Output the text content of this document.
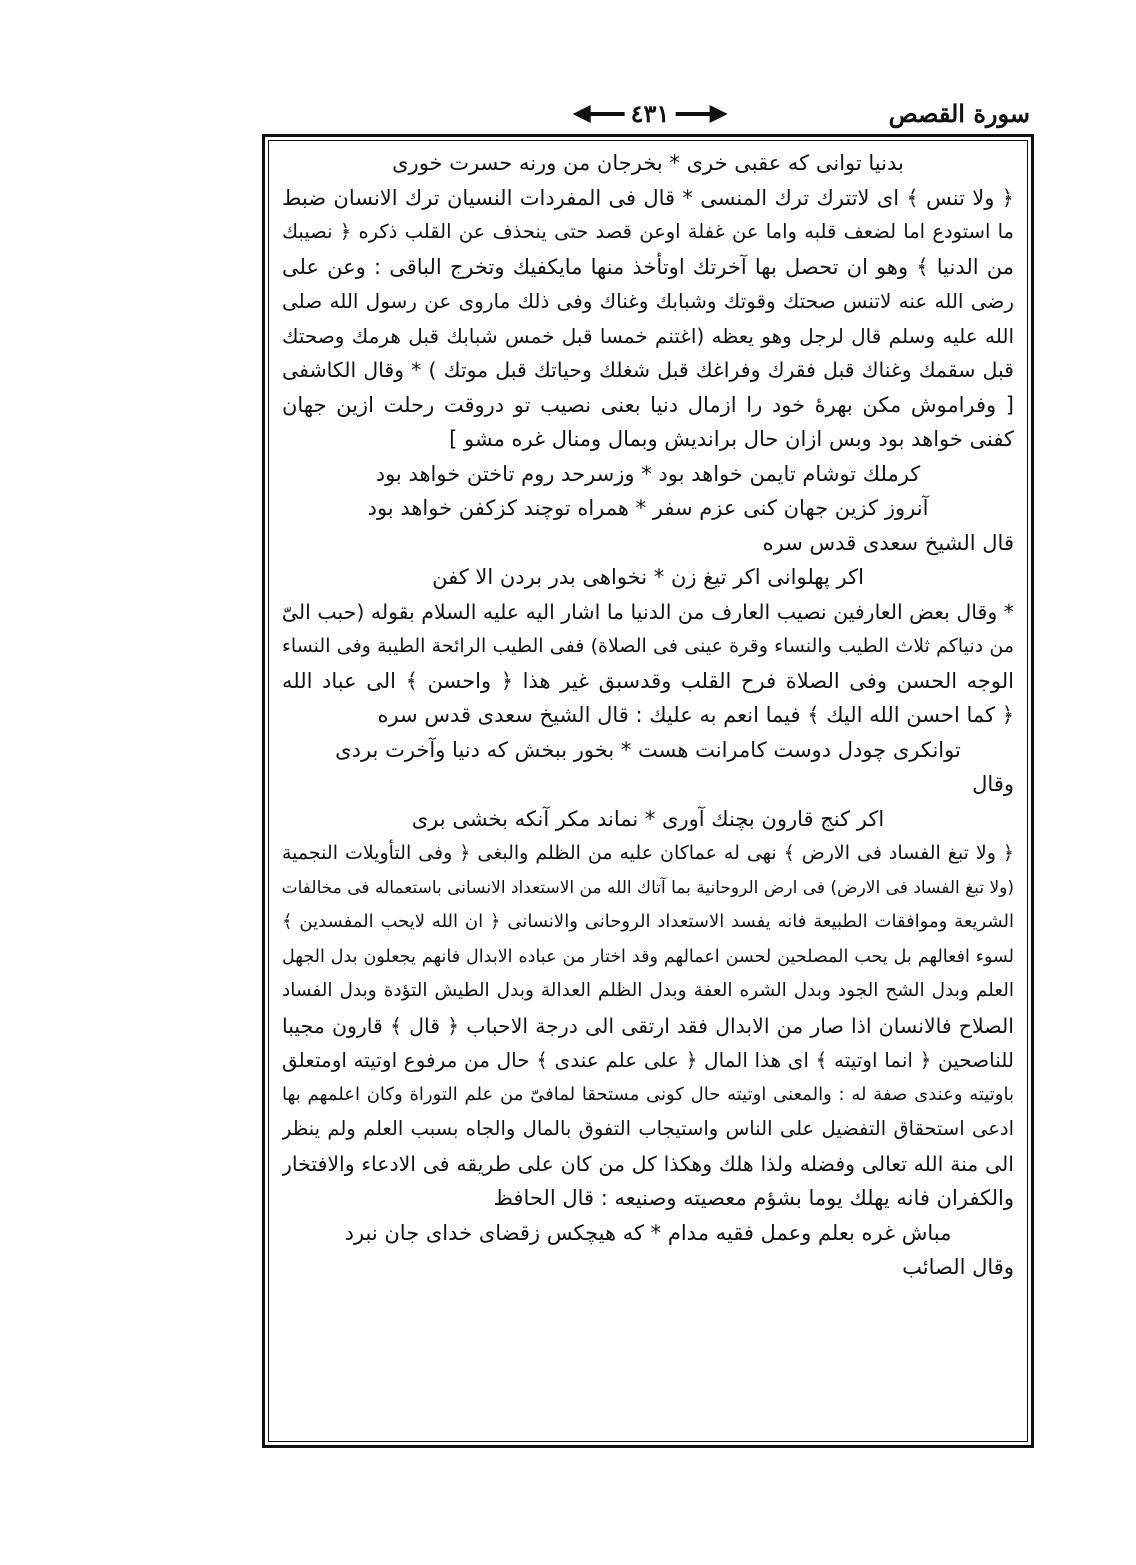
سورة القصص
٤٣١
بدنيا توانی که عقبی خری * بخرجان من ورنه حسرت خوری
﴿ ولا تنس ﴾ ای لاتترك ترك المنسى * قال فی المفردات النسيان ترك الانسان ضبط
ما استودع اما لضعف قلبه واما عن غفلة اوعن قصد حتی ينحذف عن القلب ذكره ﴿ نصيبك
من الدنيا ﴾ وهو ان تحصل بها آخرتك اوتأخذ منها مايكفيك وتخرج الباقی : وعن علی
رضی الله عنه لاتنس صحتك وقوتك وشبابك وغناك وفی ذلك ماروی عن رسول الله صلی
الله عليه وسلم قال لرجل وهو يعظه (اغتنم خمسا قبل خمس شبابك قبل هرمك وصحتك
قبل سقمك وغناك قبل فقرك وفراغك قبل شغلك وحياتك قبل موتك ) * وقال الكاشفی
[ وفراموش مكن بهرهٔ خود را ازمال دنيا بعنی نصيب تو دروقت رحلت ازين جهان
كفنی خواهد بود وبس ازان حال برانديش وبمال ومنال غره مشو ]
كرملك توشام تايمن خواهد بود * وزسرحد روم تاختن خواهد بود
آنروز كزين جهان كنی عزم سفر * همراه توچند كزكفن خواهد بود
قال الشيخ سعدی قدس سره
اكر پهلوانی اكر تيغ زن * نخواهی بدر بردن الا كفن
* وقال بعض العارفين نصيب العارف من الدنيا ما اشار اليه عليه السلام بقوله (حبب الیّ
من دنياكم ثلاث الطيب والنساء وقرة عينی فی الصلاة) ففی الطيب الرائحة الطيبة وفی النساء
الوجه الحسن وفی الصلاة فرح القلب وقدسبق غير هذا ﴿ واحسن ﴾ الی عباد الله
﴿ كما احسن الله اليك ﴾ فيما انعم به عليك : قال الشيخ سعدی قدس سره
توانكری چودل دوست كامرانت هست * بخور ببخش كه دنيا وآخرت بردی
وقال
اكر كنج قارون بچنك آوری * نماند مكر آنكه بخشی بری
﴿ ولا تبغ الفساد فی الارض ﴾ نهی له عماكان عليه من الظلم والبغی ﴿ وفی التأويلات النجمية
(ولا تبغ الفساد فی الارض) فی ارض الروحانية بما آتاك الله من الاستعداد الانسانی باستعماله فی مخالفات
الشريعة وموافقات الطبيعة فانه يفسد الاستعداد الروحانی والانسانی ﴿ ان الله لايحب المفسدين ﴾
لسوء افعالهم بل يحب المصلحين لحسن اعمالهم وقد اختار من عباده الابدال فانهم يجعلون بدل الجهل
العلم وبدل الشح الجود وبدل الشره العفة وبدل الظلم العدالة وبدل الطيش التؤدة وبدل الفساد
الصلاح فالانسان اذا صار من الابدال فقد ارتقی الی درجة الاحباب ﴿ قال ﴾ قارون مجيبا
للناصحين ﴿ انما اوتيته ﴾ ای هذا المال ﴿ علی علم عندی ﴾ حال من مرفوع اوتيته اومتعلق
باوتيته وعندی صفة له : والمعنی اوتيته حال كونی مستحقا لمافیّ من علم التوراة وكان اعلمهم بها
ادعی استحقاق التفضيل علی الناس واستيجاب التفوق بالمال والجاه بسبب العلم ولم ينظر
الی منة الله تعالی وفضله ولذا هلك وهكذا كل من كان علی طريقه فی الادعاء والافتخار
والكفران فانه يهلك يوما بشؤم معصيته وصنيعه : قال الحافظ
مباش غره بعلم وعمل فقيه مدام * كه هيچكس زقضای خدای جان نبرد
وقال الصائب
